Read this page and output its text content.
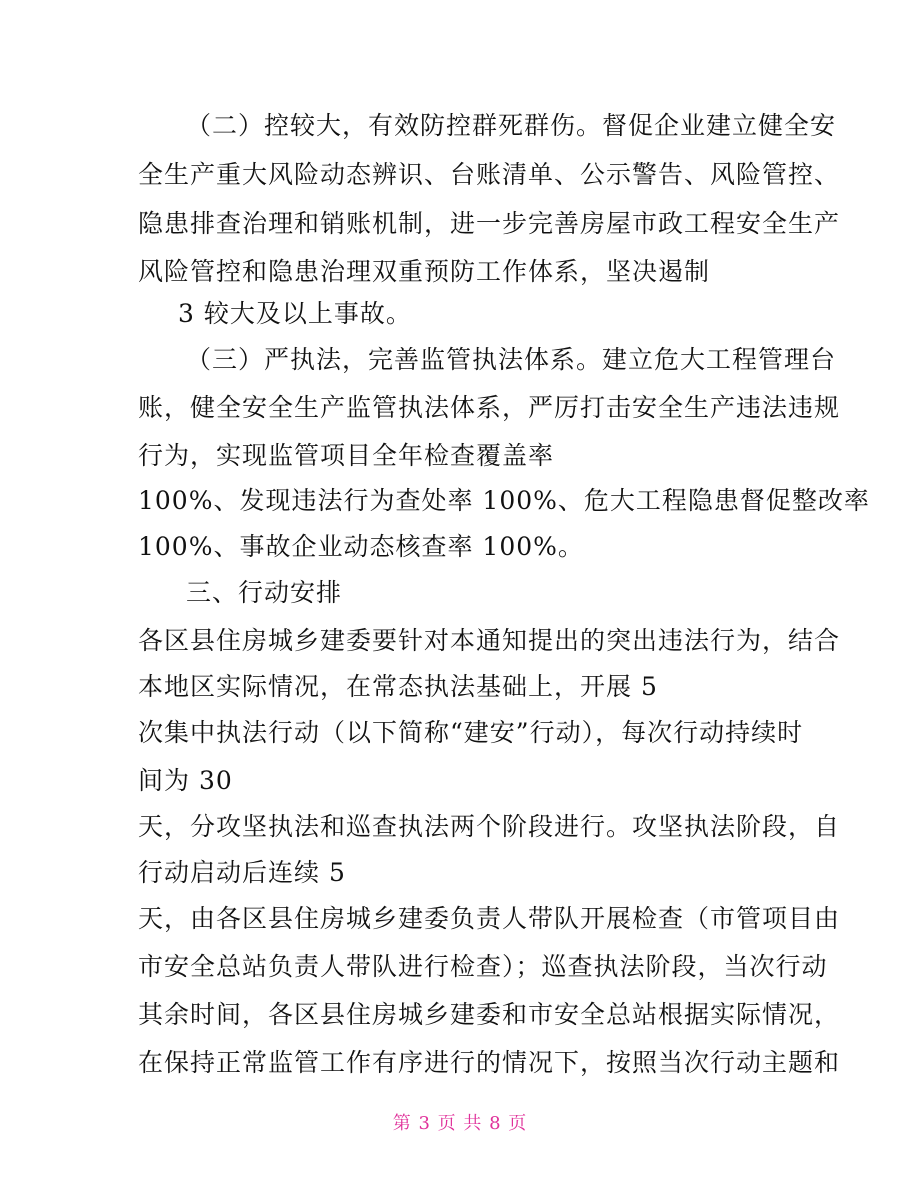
（二）控较大，有效防控群死群伤。督促企业建立健全安
全生产重大风险动态辨识、台账清单、公示警告、风险管控、
隐患排查治理和销账机制，进一步完善房屋市政工程安全生产
风险管控和隐患治理双重预防工作体系，坚决遏制
3 较大及以上事故。
（三）严执法，完善监管执法体系。建立危大工程管理台
账，健全安全生产监管执法体系，严厉打击安全生产违法违规
行为，实现监管项目全年检查覆盖率
100%、发现违法行为查处率 100%、危大工程隐患督促整改率
100%、事故企业动态核查率 100%。
三、行动安排
各区县住房城乡建委要针对本通知提出的突出违法行为，结合
本地区实际情况，在常态执法基础上，开展 5
次集中执法行动（以下简称“建安”行动），每次行动持续时
间为 30
天，分攻坚执法和巡查执法两个阶段进行。攻坚执法阶段，自
行动启动后连续 5
天，由各区县住房城乡建委负责人带队开展检查（市管项目由
市安全总站负责人带队进行检查）；巡查执法阶段，当次行动
其余时间，各区县住房城乡建委和市安全总站根据实际情况，
在保持正常监管工作有序进行的情况下，按照当次行动主题和
第 3 页 共 8 页
